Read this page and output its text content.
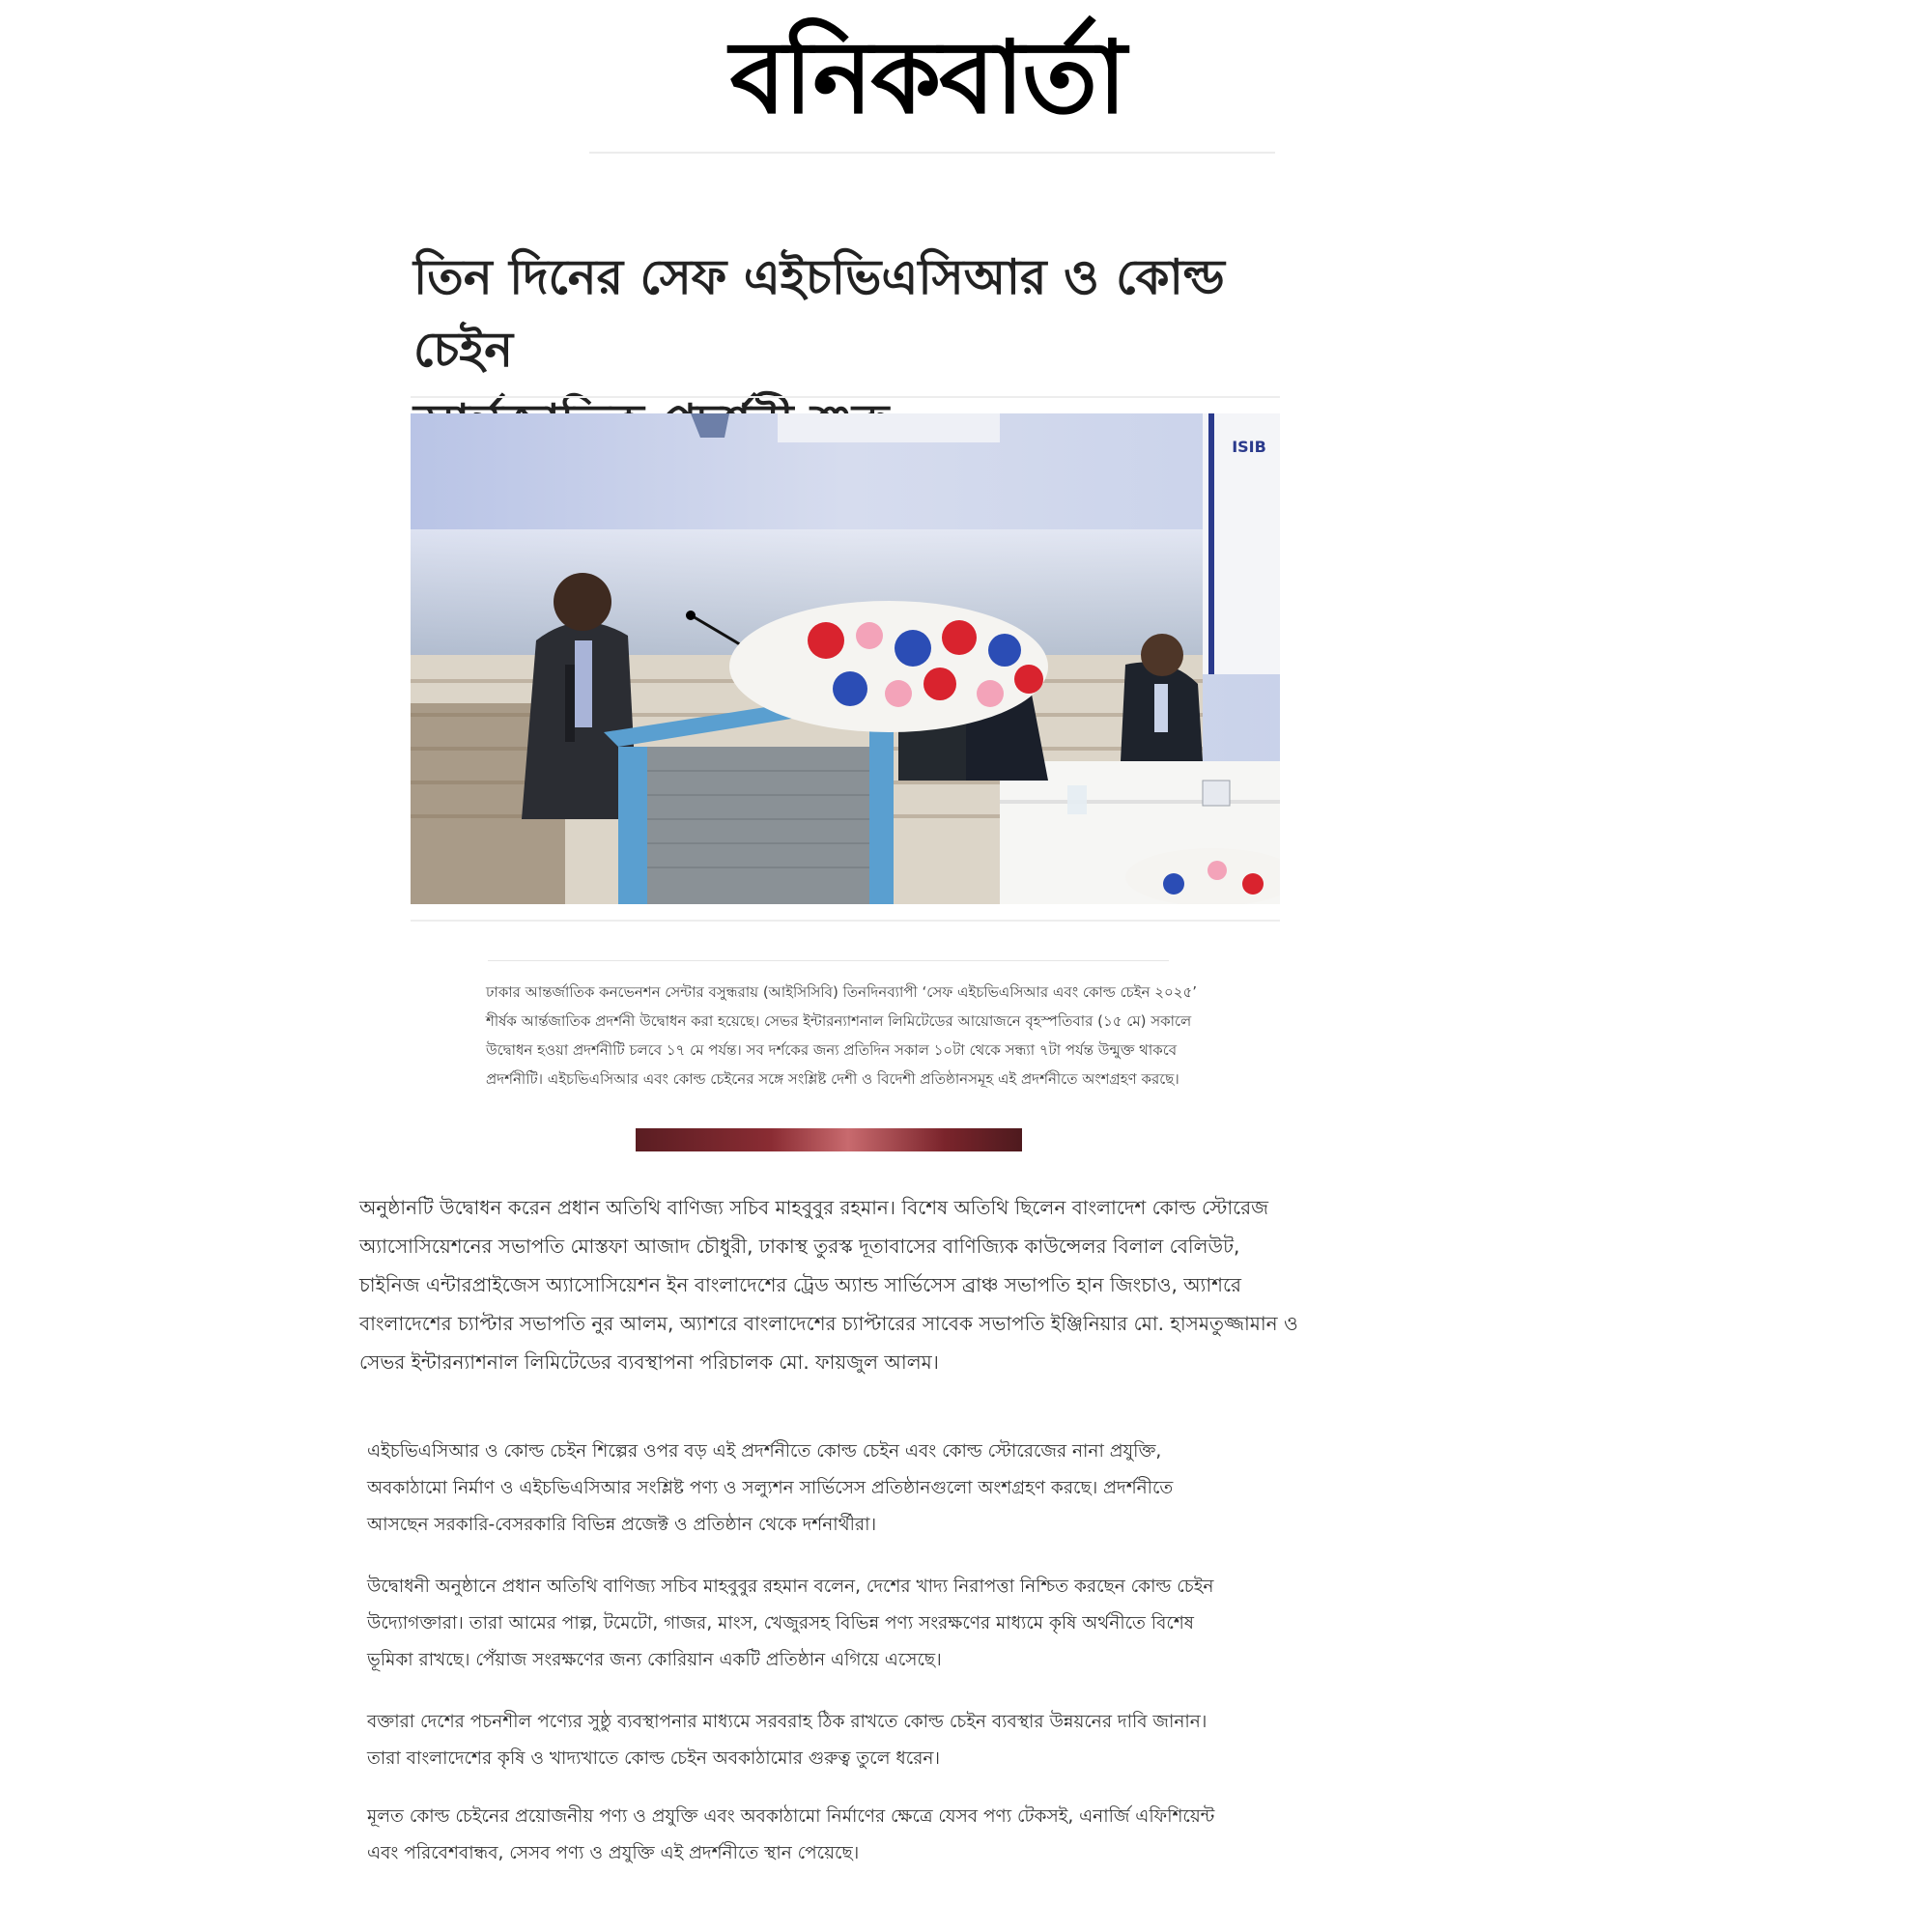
বনিকবার্তা
তিন দিনের সেফ এইচভিএসিআর ও কোল্ড চেইন

ISIB

ঢাকার আন্তর্জাতিক কনভেনশন সেন্টার বসুন্ধরায় (আইসিসিবি) তিনদিনব্যাপী ‘সেফ এইচভিএসিআর এবং কোল্ড চেইন ২০২৫’ শীর্ষক আর্ন্তজাতিক প্রদর্শনী উদ্বোধন করা হয়েছে। সেভর ইন্টারন্যাশনাল লিমিটেডের আয়োজনে বৃহস্পতিবার (১৫ মে) সকালে উদ্বোধন হওয়া প্রদর্শনীটি চলবে ১৭ মে পর্যন্ত। সব দর্শকের জন্য প্রতিদিন সকাল ১০টা থেকে সন্ধ্যা ৭টা পর্যন্ত উন্মুক্ত থাকবে প্রদর্শনীটি। এইচভিএসিআর এবং কোল্ড চেইনের সঙ্গে সংশ্লিষ্ট দেশী ও বিদেশী প্রতিষ্ঠানসমূহ এই প্রদর্শনীতে অংশগ্রহণ করছে।

অনুষ্ঠানটি উদ্বোধন করেন প্রধান অতিথি বাণিজ্য সচিব মাহবুবুর রহমান। বিশেষ অতিথি ছিলেন বাংলাদেশ কোল্ড স্টোরেজ অ্যাসোসিয়েশনের সভাপতি মোস্তফা আজাদ চৌধুরী, ঢাকাস্থ তুরস্ক দূতাবাসের বাণিজ্যিক কাউন্সেলর বিলাল বেলিউট, চাইনিজ এন্টারপ্রাইজেস অ্যাসোসিয়েশন ইন বাংলাদেশের ট্রেড অ্যান্ড সার্ভিসেস ব্রাঞ্চ সভাপতি হান জিংচাও, অ্যাশরে বাংলাদেশের চ্যাপ্টার সভাপতি নুর আলম, অ্যাশরে বাংলাদেশের চ্যাপ্টারের সাবেক সভাপতি ইঞ্জিনিয়ার মো. হাসমতুজ্জামান ও সেভর ইন্টারন্যাশনাল লিমিটেডের ব্যবস্থাপনা পরিচালক মো. ফায়জুল আলম।

এইচভিএসিআর ও কোল্ড চেইন শিল্পের ওপর বড় এই প্রদর্শনীতে কোল্ড চেইন এবং কোল্ড স্টোরেজের নানা প্রযুক্তি, অবকাঠামো নির্মাণ ও এইচভিএসিআর সংশ্লিষ্ট পণ্য ও সল্যুশন সার্ভিসেস প্রতিষ্ঠানগুলো অংশগ্রহণ করছে। প্রদর্শনীতে আসছেন সরকারি-বেসরকারি বিভিন্ন প্রজেক্ট ও প্রতিষ্ঠান থেকে দর্শনার্থীরা।

উদ্বোধনী অনুষ্ঠানে প্রধান অতিথি বাণিজ্য সচিব মাহবুবুর রহমান বলেন, দেশের খাদ্য নিরাপত্তা নিশ্চিত করছেন কোল্ড চেইন উদ্যোগক্তারা। তারা আমের পাল্প, টমেটো, গাজর, মাংস, খেজুরসহ বিভিন্ন পণ্য সংরক্ষণের মাধ্যমে কৃষি অর্থনীতে বিশেষ ভূমিকা রাখছে। পেঁয়াজ সংরক্ষণের জন্য কোরিয়ান একটি প্রতিষ্ঠান এগিয়ে এসেছে।

বক্তারা দেশের পচনশীল পণ্যের সুষ্ঠু ব্যবস্থাপনার মাধ্যমে সরবরাহ ঠিক রাখতে কোল্ড চেইন ব্যবস্থার উন্নয়নের দাবি জানান। তারা বাংলাদেশের কৃষি ও খাদ্যখাতে কোল্ড চেইন অবকাঠামোর গুরুত্ব তুলে ধরেন।

মূলত কোল্ড চেইনের প্রয়োজনীয় পণ্য ও প্রযুক্তি এবং অবকাঠামো নির্মাণের ক্ষেত্রে যেসব পণ্য টেকসই, এনার্জি এফিশিয়েন্ট এবং পরিবেশবান্ধব, সেসব পণ্য ও প্রযুক্তি এই প্রদর্শনীতে স্থান পেয়েছে।
